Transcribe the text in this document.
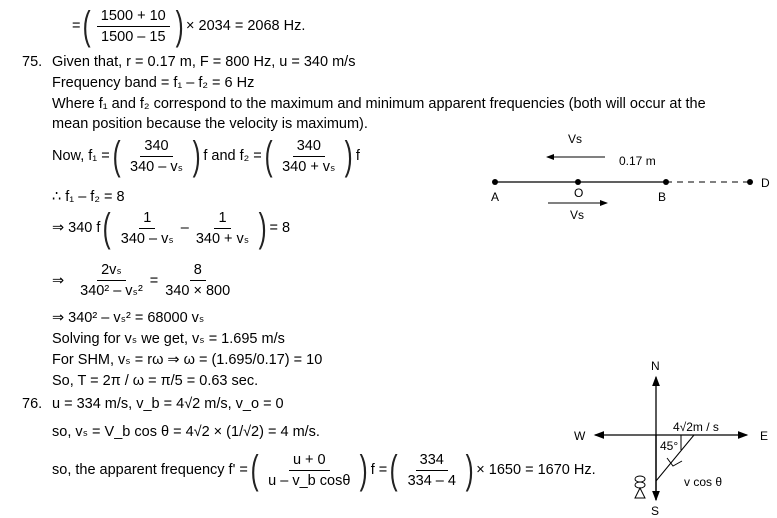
= ( $\frac{1500 + 10}{1500 - 15}$ ) × 2034 = 2068 Hz.
75. Given that, r = 0.17 m, F = 800 Hz, u = 340 m/s
Frequency band = f₁ – f₂ = 6 Hz
Where f₁ and f₂ correspond to the maximum and minimum apparent frequencies (both will occur at the
mean position because the velocity is maximum).
Now, f₁ = ( $\frac{340}{\text{340 – vₛ}}$ ) f and f₂ = ( $\frac{340}{\text{340 + vₛ}}$ ) f
∴ f₁ – f₂ = 8
⇒ 340 f ( $\frac{1}{\text{340 – vₛ}} - \frac{1}{\text{340 + vₛ}}$ ) = 8
⇒ $\frac{\text{2vₛ}}{\text{340² – vₛ²}} = \frac{8}{340 \times 800}$
⇒ 340² – vₛ² = 68000 vₛ
Solving for vₛ we get, vₛ = 1.695 m/s
For SHM, vₛ = rω ⇒ ω = (1.695/0.17) = 10
So, T = 2π / ω = π/5 = 0.63 sec.
Vs
0.17 m
A	O	B
D
Vs
76. u = 334 m/s, v_b = 4√2 m/s, v_o = 0
so, vₛ = V_b cos θ = 4√2 × (1/√2) = 4 m/s.
so, the apparent frequency f' = ( $\frac{u + 0}{\text{u – v\_b cosθ}}$ ) f = ( $\frac{334}{334 - 4}$ ) × 1650 = 1670 Hz.
N
S
W	E
4√2m / s
45°
v cos θ
